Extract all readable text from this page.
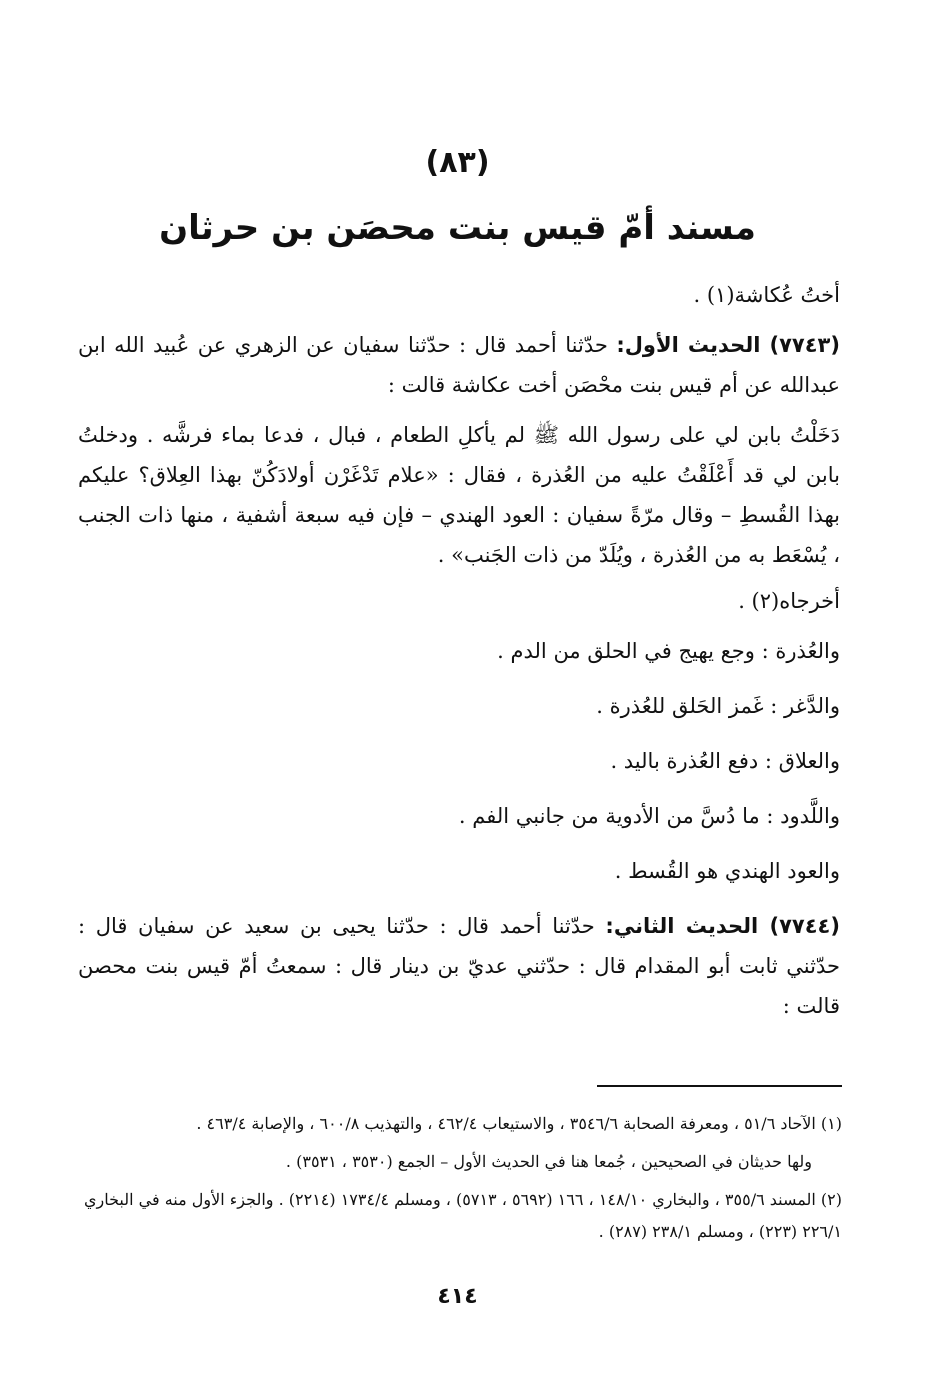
(٨٣)
مسند أمّ قيس بنت محصَن بن حرثان

أختُ عُكاشة(١) .

(٧٧٤٣) الحديث الأول: حدّثنا أحمد قال : حدّثنا سفيان عن الزهري عن عُبيد الله ابن عبدالله عن أم قيس بنت محْصَن أخت عكاشة قالت :

دَخَلْتُ بابن لي على رسول الله ﷺ لم يأكلِ الطعام ، فبال ، فدعا بماء فرشَّه . ودخلتُ بابن لي قد أَعْلَقْتُ عليه من العُذرة ، فقال : «علام تَدْغَرْن أولادَكُنّ بهذا العِلاق؟ عليكم بهذا القُسطِ – وقال مرّةً سفيان : العود الهندي – فإن فيه سبعة أشفية ، منها ذات الجنب ، يُسْعَط به من العُذرة ، ويُلَدّ من ذات الجَنب» .

أخرجاه(٢) .

والعُذرة : وجع يهيج في الحلق من الدم .

والدَّغر : غَمز الحَلق للعُذرة .

والعلاق : دفع العُذرة باليد .

واللَّدود : ما دُسَّ من الأدوية من جانبي الفم .

والعود الهندي هو القُسط .

(٧٧٤٤) الحديث الثاني: حدّثنا أحمد قال : حدّثنا يحيى بن سعيد عن سفيان قال : حدّثني ثابت أبو المقدام قال : حدّثني عديّ بن دينار قال : سمعتُ أمّ قيس بنت محصن قالت :

(١) الآحاد ٥١/٦ ، ومعرفة الصحابة ٣٥٤٦/٦ ، والاستيعاب ٤٦٢/٤ ، والتهذيب ٦٠٠/٨ ، والإصابة ٤٦٣/٤ .

ولها حديثان في الصحيحين ، جُمعا هنا في الحديث الأول – الجمع (٣٥٣٠ ، ٣٥٣١) .

(٢) المسند ٣٥٥/٦ ، والبخاري ١٤٨/١٠ ، ١٦٦ (٥٦٩٢ ، ٥٧١٣) ، ومسلم ١٧٣٤/٤ (٢٢١٤) . والجزء الأول منه في البخاري ٢٢٦/١ (٢٢٣) ، ومسلم ٢٣٨/١ (٢٨٧) .

٤١٤
